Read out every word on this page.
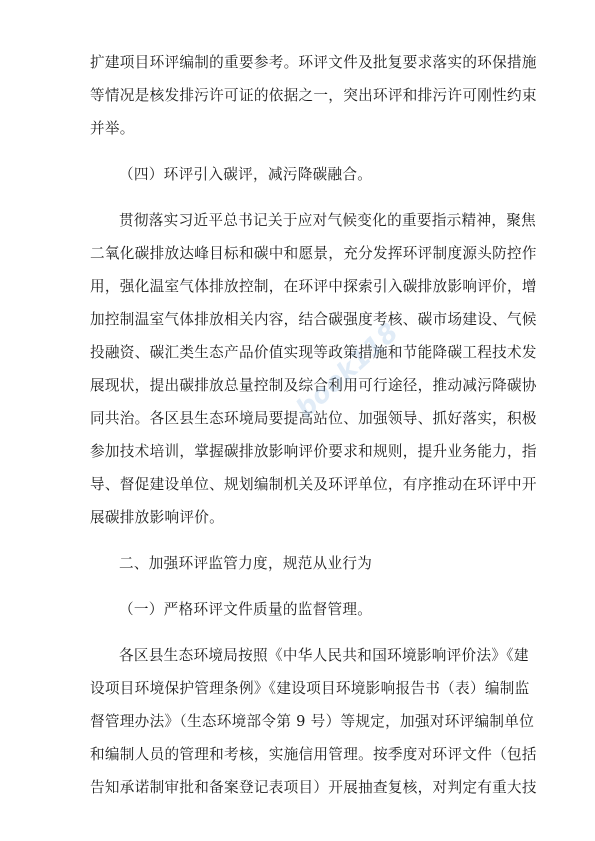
扩建项目环评编制的重要参考。环评文件及批复要求落实的环保措施
等情况是核发排污许可证的依据之一，突出环评和排污许可刚性约束
并举。
（四）环评引入碳评，减污降碳融合。
贯彻落实习近平总书记关于应对气候变化的重要指示精神，聚焦
二氧化碳排放达峰目标和碳中和愿景，充分发挥环评制度源头防控作
用，强化温室气体排放控制，在环评中探索引入碳排放影响评价，增
加控制温室气体排放相关内容，结合碳强度考核、碳市场建设、气候
投融资、碳汇类生态产品价值实现等政策措施和节能降碳工程技术发
展现状，提出碳排放总量控制及综合利用可行途径，推动减污降碳协
同共治。各区县生态环境局要提高站位、加强领导、抓好落实，积极
参加技术培训，掌握碳排放影响评价要求和规则，提升业务能力，指
导、督促建设单位、规划编制机关及环评单位，有序推动在环评中开
展碳排放影响评价。
二、加强环评监管力度，规范从业行为
（一）严格环评文件质量的监督管理。
各区县生态环境局按照《中华人民共和国环境影响评价法》《建
设项目环境保护管理条例》《建设项目环境影响报告书（表）编制监
督管理办法》（生态环境部令第 9 号）等规定，加强对环评编制单位
和编制人员的管理和考核，实施信用管理。按季度对环评文件（包括
告知承诺制审批和备案登记表项目）开展抽查复核，对判定有重大技
book118
